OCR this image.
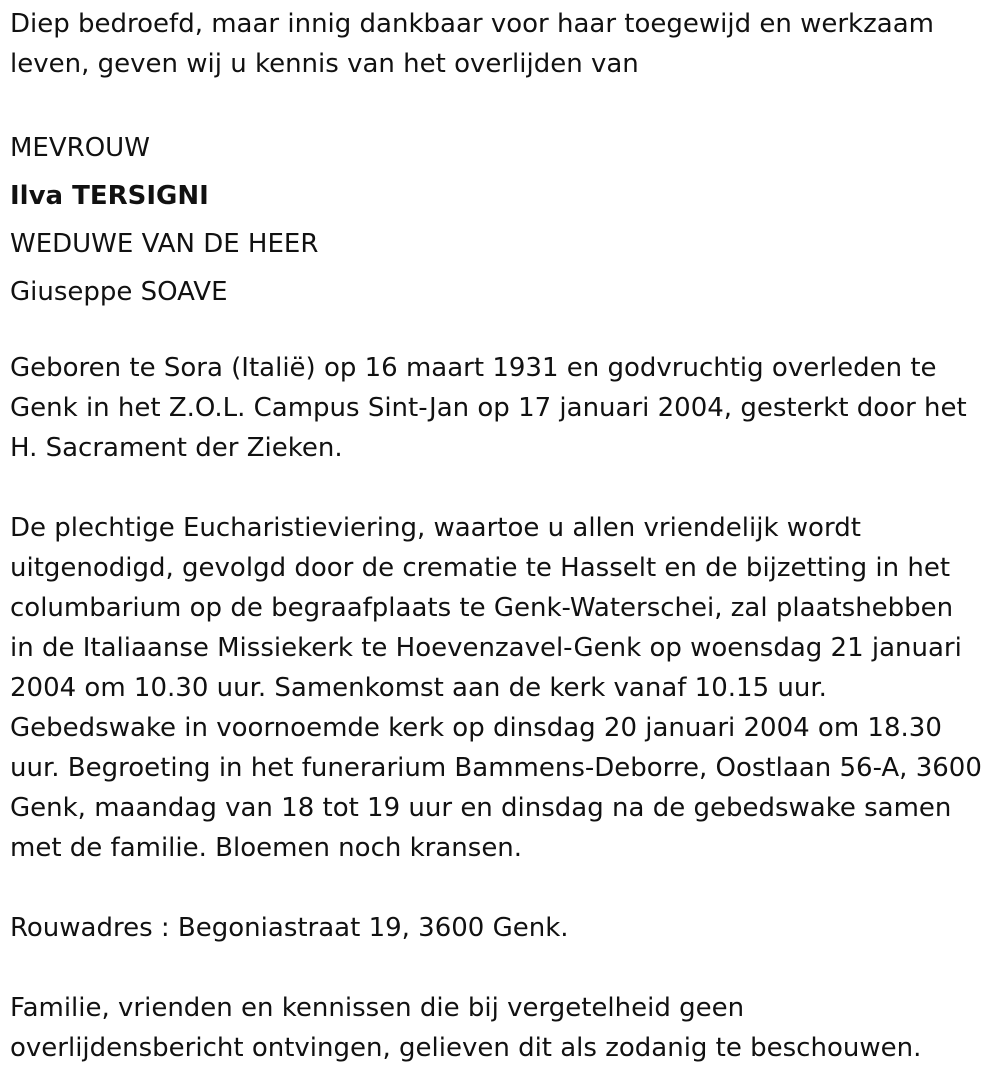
Diep bedroefd, maar innig dankbaar voor haar toegewijd en werkzaam leven, geven wij u kennis van het overlijden van

MEVROUW

Ilva TERSIGNI

WEDUWE VAN DE HEER

Giuseppe SOAVE

Geboren te Sora (Italië) op 16 maart 1931 en godvruchtig overleden te Genk in het Z.O.L. Campus Sint-Jan op 17 januari 2004, gesterkt door het H. Sacrament der Zieken.

De plechtige Eucharistieviering, waartoe u allen vriendelijk wordt uitgenodigd, gevolgd door de crematie te Hasselt en de bijzetting in het columbarium op de begraafplaats te Genk-Waterschei, zal plaatshebben in de Italiaanse Missiekerk te Hoevenzavel-Genk op woensdag 21 januari 2004 om 10.30 uur. Samenkomst aan de kerk vanaf 10.15 uur. Gebedswake in voornoemde kerk op dinsdag 20 januari 2004 om 18.30 uur. Begroeting in het funerarium Bammens-Deborre, Oostlaan 56-A, 3600 Genk, maandag van 18 tot 19 uur en dinsdag na de gebedswake samen met de familie. Bloemen noch kransen.

Rouwadres : Begoniastraat 19, 3600 Genk.

Familie, vrienden en kennissen die bij vergetelheid geen overlijdensbericht ontvingen, gelieven dit als zodanig te beschouwen.
